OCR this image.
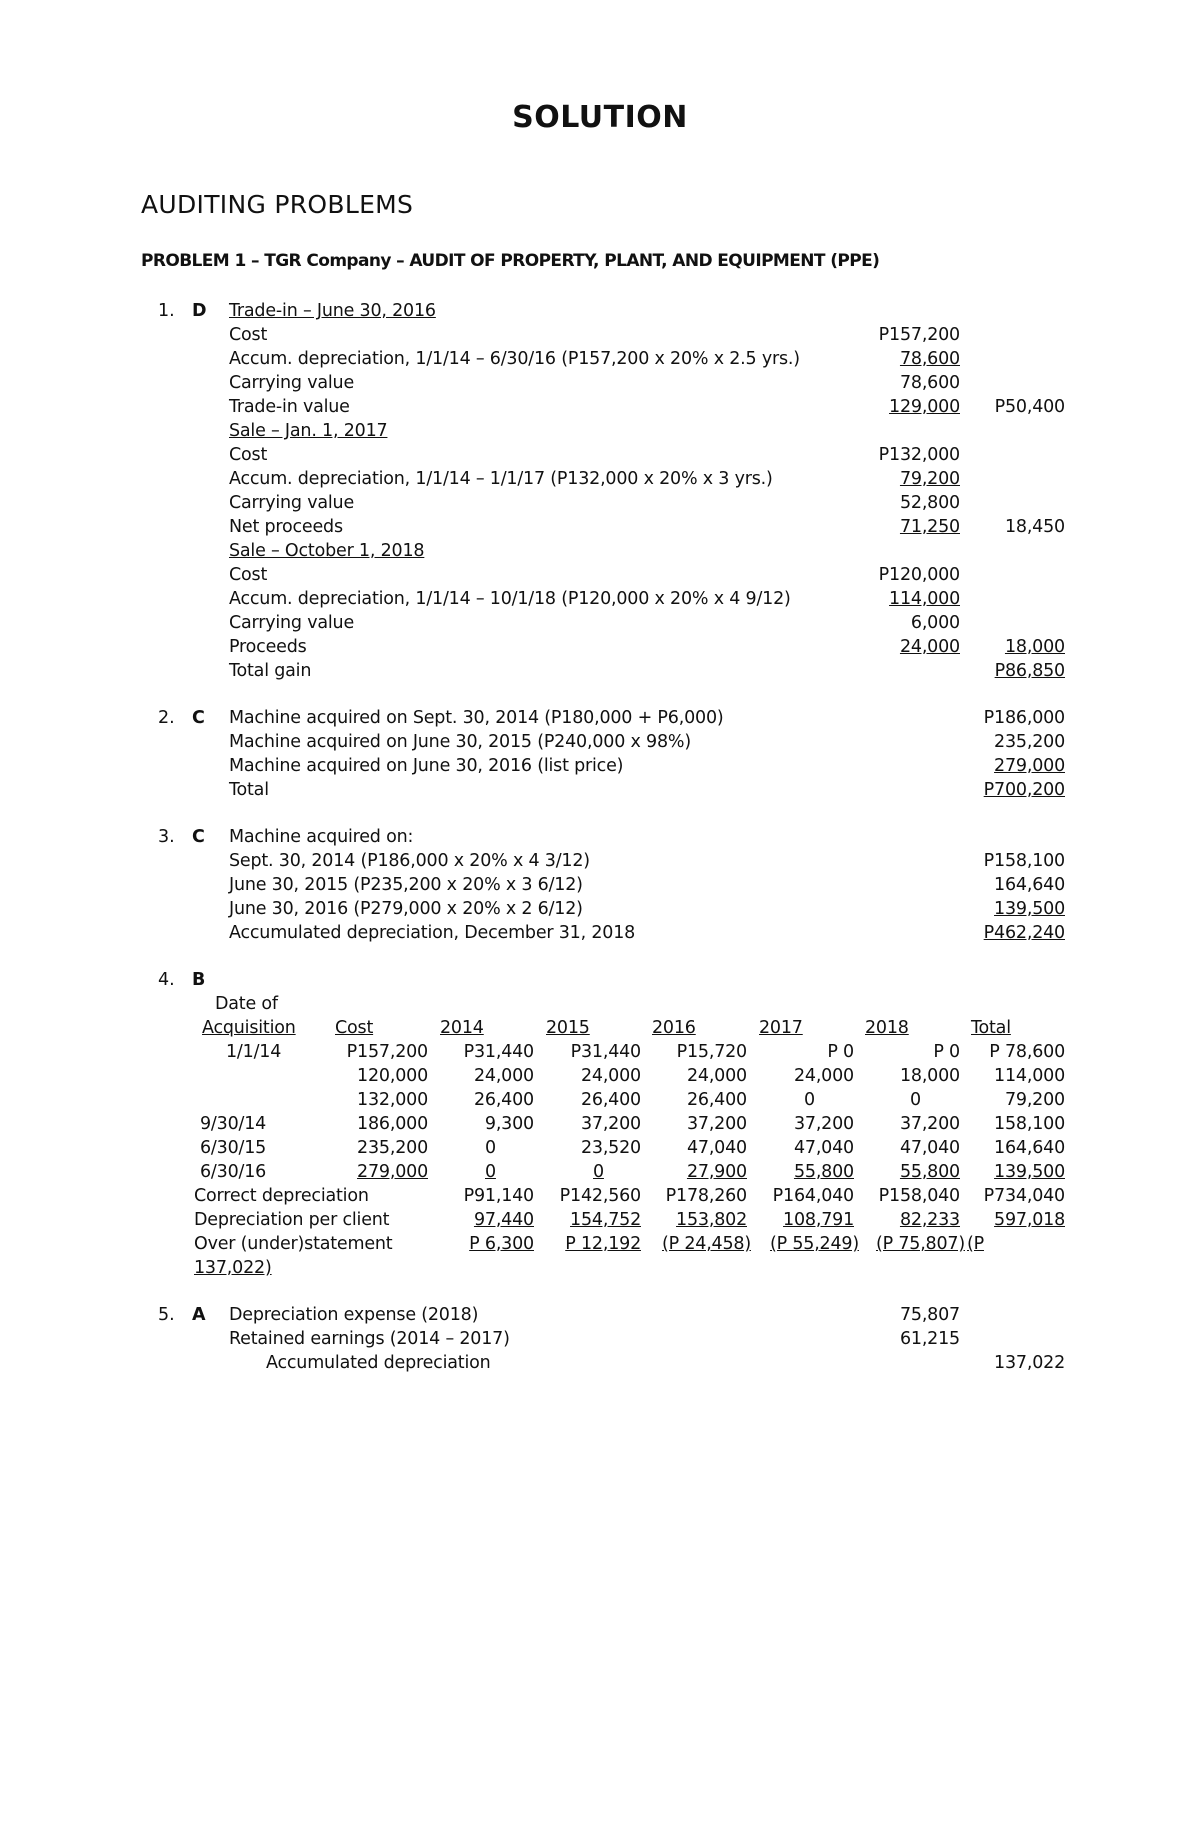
SOLUTION
AUDITING PROBLEMS
PROBLEM 1 – TGR Company – AUDIT OF PROPERTY, PLANT, AND EQUIPMENT (PPE)
1. D Trade-in – June 30, 2016
Cost	P157,200
Accum. depreciation, 1/1/14 – 6/30/16 (P157,200 x 20% x 2.5 yrs.)	78,600
Carrying value	78,600
Trade-in value	129,000 P50,400
Sale – Jan. 1, 2017
Cost	P132,000
Accum. depreciation, 1/1/14 – 1/1/17 (P132,000 x 20% x 3 yrs.)	79,200
Carrying value	52,800
Net proceeds	71,250	18,450
Sale – October 1, 2018
Cost	P120,000
Accum. depreciation, 1/1/14 – 10/1/18 (P120,000 x 20% x 4 9/12)	114,000
Carrying value	6,000
Proceeds	24,000	18,000
Total gain	P86,850
2. C Machine acquired on Sept. 30, 2014 (P180,000 + P6,000)	P186,000
Machine acquired on June 30, 2015 (P240,000 x 98%)	235,200
Machine acquired on June 30, 2016 (list price)	279,000
Total	P700,200
3. C Machine acquired on:
Sept. 30, 2014 (P186,000 x 20% x 4 3/12)	P158,100
June 30, 2015 (P235,200 x 20% x 3 6/12)	164,640
June 30, 2016 (P279,000 x 20% x 2 6/12)	139,500
Accumulated depreciation, December 31, 2018	P462,240
4. B
Date of
Acquisition Cost	2014	2015	2016	2017	2018	Total
1/1/14	P157,200 P31,440 P31,440 P15,720	P 0	P 0 P 78,600
120,000	24,000	24,000	24,000	24,000	18,000 114,000
132,000	26,400	26,400	26,400	0	0	79,200
9/30/14	186,000	9,300	37,200	37,200	37,200	37,200 158,100
6/30/15	235,200	0	23,520	47,040	47,040	47,040 164,640
6/30/16	279,000	0	0	27,900	55,800	55,800 139,500
Correct depreciation	P91,140 P142,560 P178,260 P164,040 P158,040 P734,040
Depreciation per client	97,440 154,752 153,802 108,791	82,233 597,018
Over (under)statement	P 6,300 P 12,192 (P 24,458) (P 55,249) (P 75,807) (P
137,022)
5. A Depreciation expense (2018)	75,807
Retained earnings (2014 – 2017)	61,215
Accumulated depreciation	137,022
